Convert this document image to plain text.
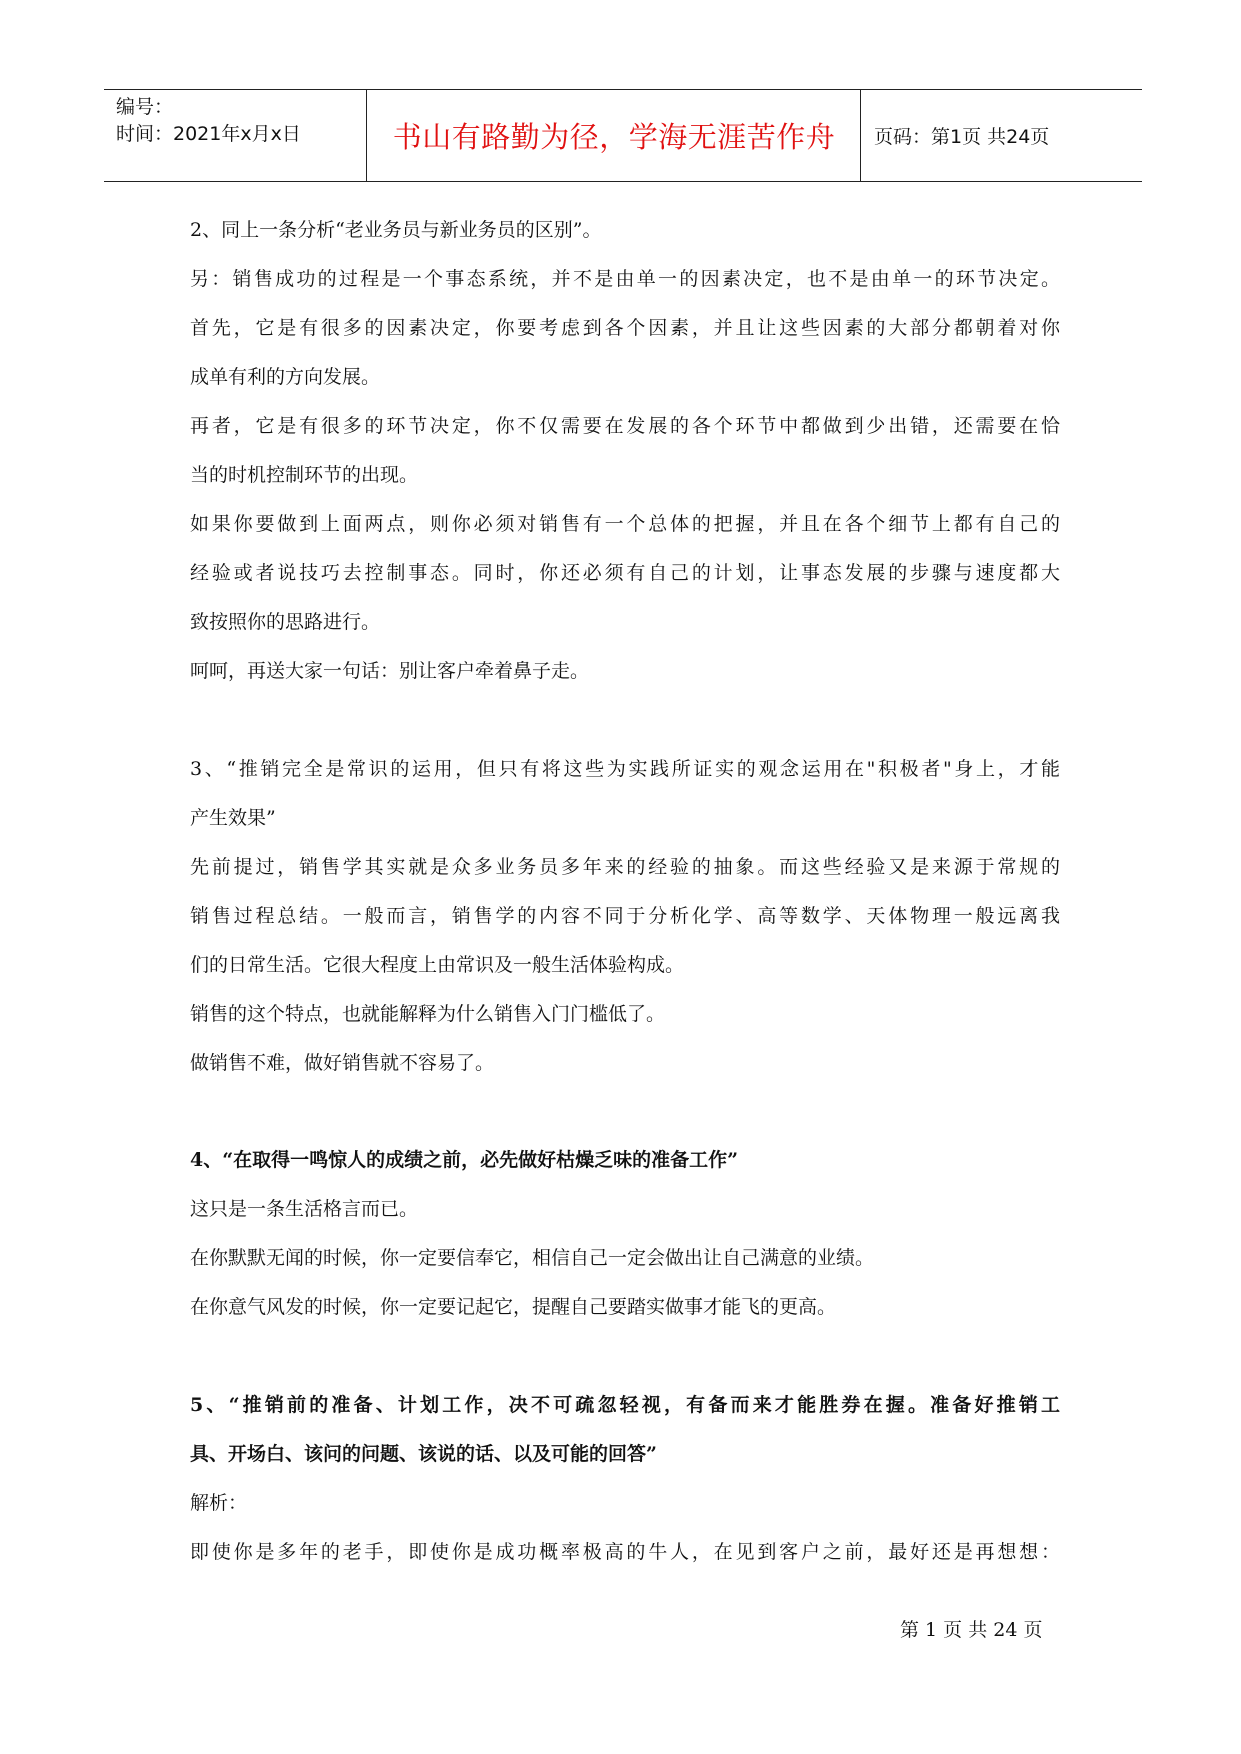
编号：
时间：2021年x月x日	书山有路勤为径，学海无涯苦作舟	页码：第1页 共24页
2、同上一条分析“老业务员与新业务员的区别”。
另：销售成功的过程是一个事态系统，并不是由单一的因素决定，也不是由单一的环节决定。
首先，它是有很多的因素决定，你要考虑到各个因素，并且让这些因素的大部分都朝着对你
成单有利的方向发展。
再者，它是有很多的环节决定，你不仅需要在发展的各个环节中都做到少出错，还需要在恰
当的时机控制环节的出现。
如果你要做到上面两点，则你必须对销售有一个总体的把握，并且在各个细节上都有自己的
经验或者说技巧去控制事态。同时，你还必须有自己的计划，让事态发展的步骤与速度都大
致按照你的思路进行。
呵呵，再送大家一句话：别让客户牵着鼻子走。
3、“推销完全是常识的运用，但只有将这些为实践所证实的观念运用在"积极者"身上，才能
产生效果”
先前提过，销售学其实就是众多业务员多年来的经验的抽象。而这些经验又是来源于常规的
销售过程总结。一般而言，销售学的内容不同于分析化学、高等数学、天体物理一般远离我
们的日常生活。它很大程度上由常识及一般生活体验构成。
销售的这个特点，也就能解释为什么销售入门门槛低了。
做销售不难，做好销售就不容易了。
4、“在取得一鸣惊人的成绩之前，必先做好枯燥乏味的准备工作”
这只是一条生活格言而已。
在你默默无闻的时候，你一定要信奉它，相信自己一定会做出让自己满意的业绩。
在你意气风发的时候，你一定要记起它，提醒自己要踏实做事才能飞的更高。
5、“推销前的准备、计划工作，决不可疏忽轻视，有备而来才能胜券在握。准备好推销工
具、开场白、该问的问题、该说的话、以及可能的回答”
解析：
即使你是多年的老手，即使你是成功概率极高的牛人，在见到客户之前，最好还是再想想：
第 1 页 共 24 页
